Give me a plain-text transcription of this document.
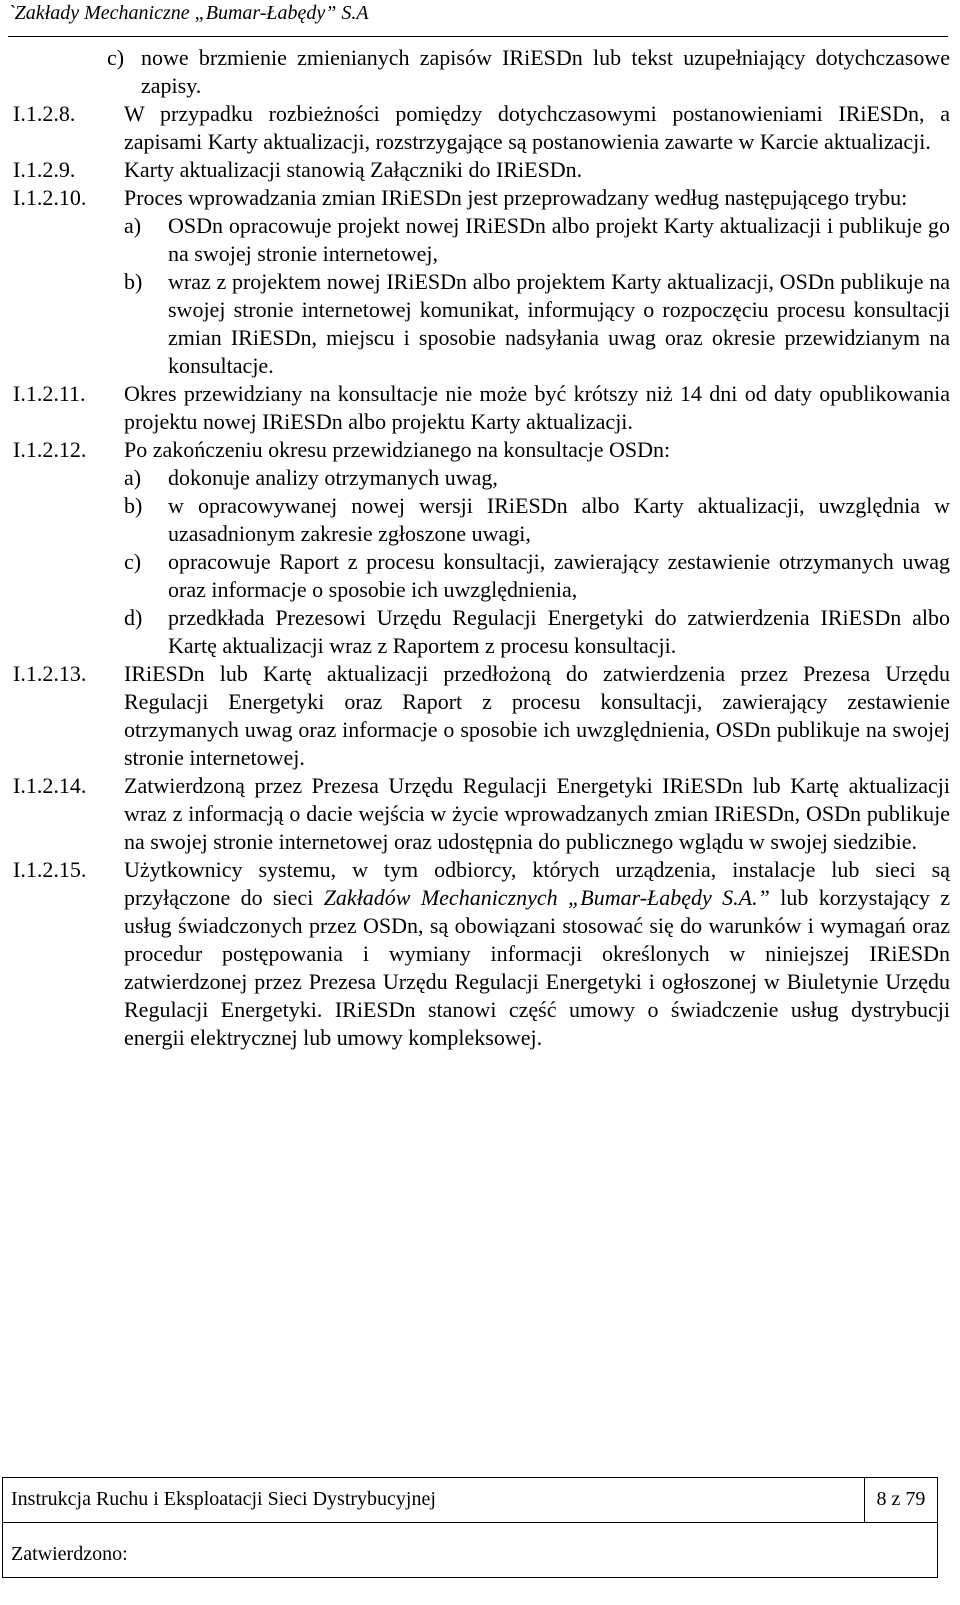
`Zakłady Mechaniczne „Bumar-Łabędy” S.A
c) nowe brzmienie zmienianych zapisów IRiESDn lub tekst uzupełniający dotychczasowe zapisy.
I.1.2.8. W przypadku rozbieżności pomiędzy dotychczasowymi postanowieniami IRiESDn, a zapisami Karty aktualizacji, rozstrzygające są postanowienia zawarte w Karcie aktualizacji.
I.1.2.9. Karty aktualizacji stanowią Załączniki do IRiESDn.
I.1.2.10. Proces wprowadzania zmian IRiESDn jest przeprowadzany według następującego trybu:
a) OSDn opracowuje projekt nowej IRiESDn albo projekt Karty aktualizacji i publikuje go na swojej stronie internetowej,
b) wraz z projektem nowej IRiESDn albo projektem Karty aktualizacji, OSDn publikuje na swojej stronie internetowej komunikat, informujący o rozpoczęciu procesu konsultacji zmian IRiESDn, miejscu i sposobie nadsyłania uwag oraz okresie przewidzianym na konsultacje.
I.1.2.11. Okres przewidziany na konsultacje nie może być krótszy niż 14 dni od daty opublikowania projektu nowej IRiESDn albo projektu Karty aktualizacji.
I.1.2.12. Po zakończeniu okresu przewidzianego na konsultacje OSDn:
a) dokonuje analizy otrzymanych uwag,
b) w opracowywanej nowej wersji IRiESDn albo Karty aktualizacji, uwzględnia w uzasadnionym zakresie zgłoszone uwagi,
c) opracowuje Raport z procesu konsultacji, zawierający zestawienie otrzymanych uwag oraz informacje o sposobie ich uwzględnienia,
d) przedkłada Prezesowi Urzędu Regulacji Energetyki do zatwierdzenia IRiESDn albo Kartę aktualizacji wraz z Raportem z procesu konsultacji.
I.1.2.13. IRiESDn lub Kartę aktualizacji przedłożoną do zatwierdzenia przez Prezesa Urzędu Regulacji Energetyki oraz Raport z procesu konsultacji, zawierający zestawienie otrzymanych uwag oraz informacje o sposobie ich uwzględnienia, OSDn publikuje na swojej stronie internetowej.
I.1.2.14. Zatwierdzoną przez Prezesa Urzędu Regulacji Energetyki IRiESDn lub Kartę aktualizacji wraz z informacją o dacie wejścia w życie wprowadzanych zmian IRiESDn, OSDn publikuje na swojej stronie internetowej oraz udostępnia do publicznego wglądu w swojej siedzibie.
I.1.2.15. Użytkownicy systemu, w tym odbiorcy, których urządzenia, instalacje lub sieci są przyłączone do sieci Zakładów Mechanicznych „Bumar-Łabędy S.A.” lub korzystający z usług świadczonych przez OSDn, są obowiązani stosować się do warunków i wymagań oraz procedur postępowania i wymiany informacji określonych w niniejszej IRiESDn zatwierdzonej przez Prezesa Urzędu Regulacji Energetyki i ogłoszonej w Biuletynie Urzędu Regulacji Energetyki. IRiESDn stanowi część umowy o świadczenie usług dystrybucji energii elektrycznej lub umowy kompleksowej.
Instrukcja Ruchu i Eksploatacji Sieci Dystrybucyjnej	8 z 79
Zatwierdzono:
